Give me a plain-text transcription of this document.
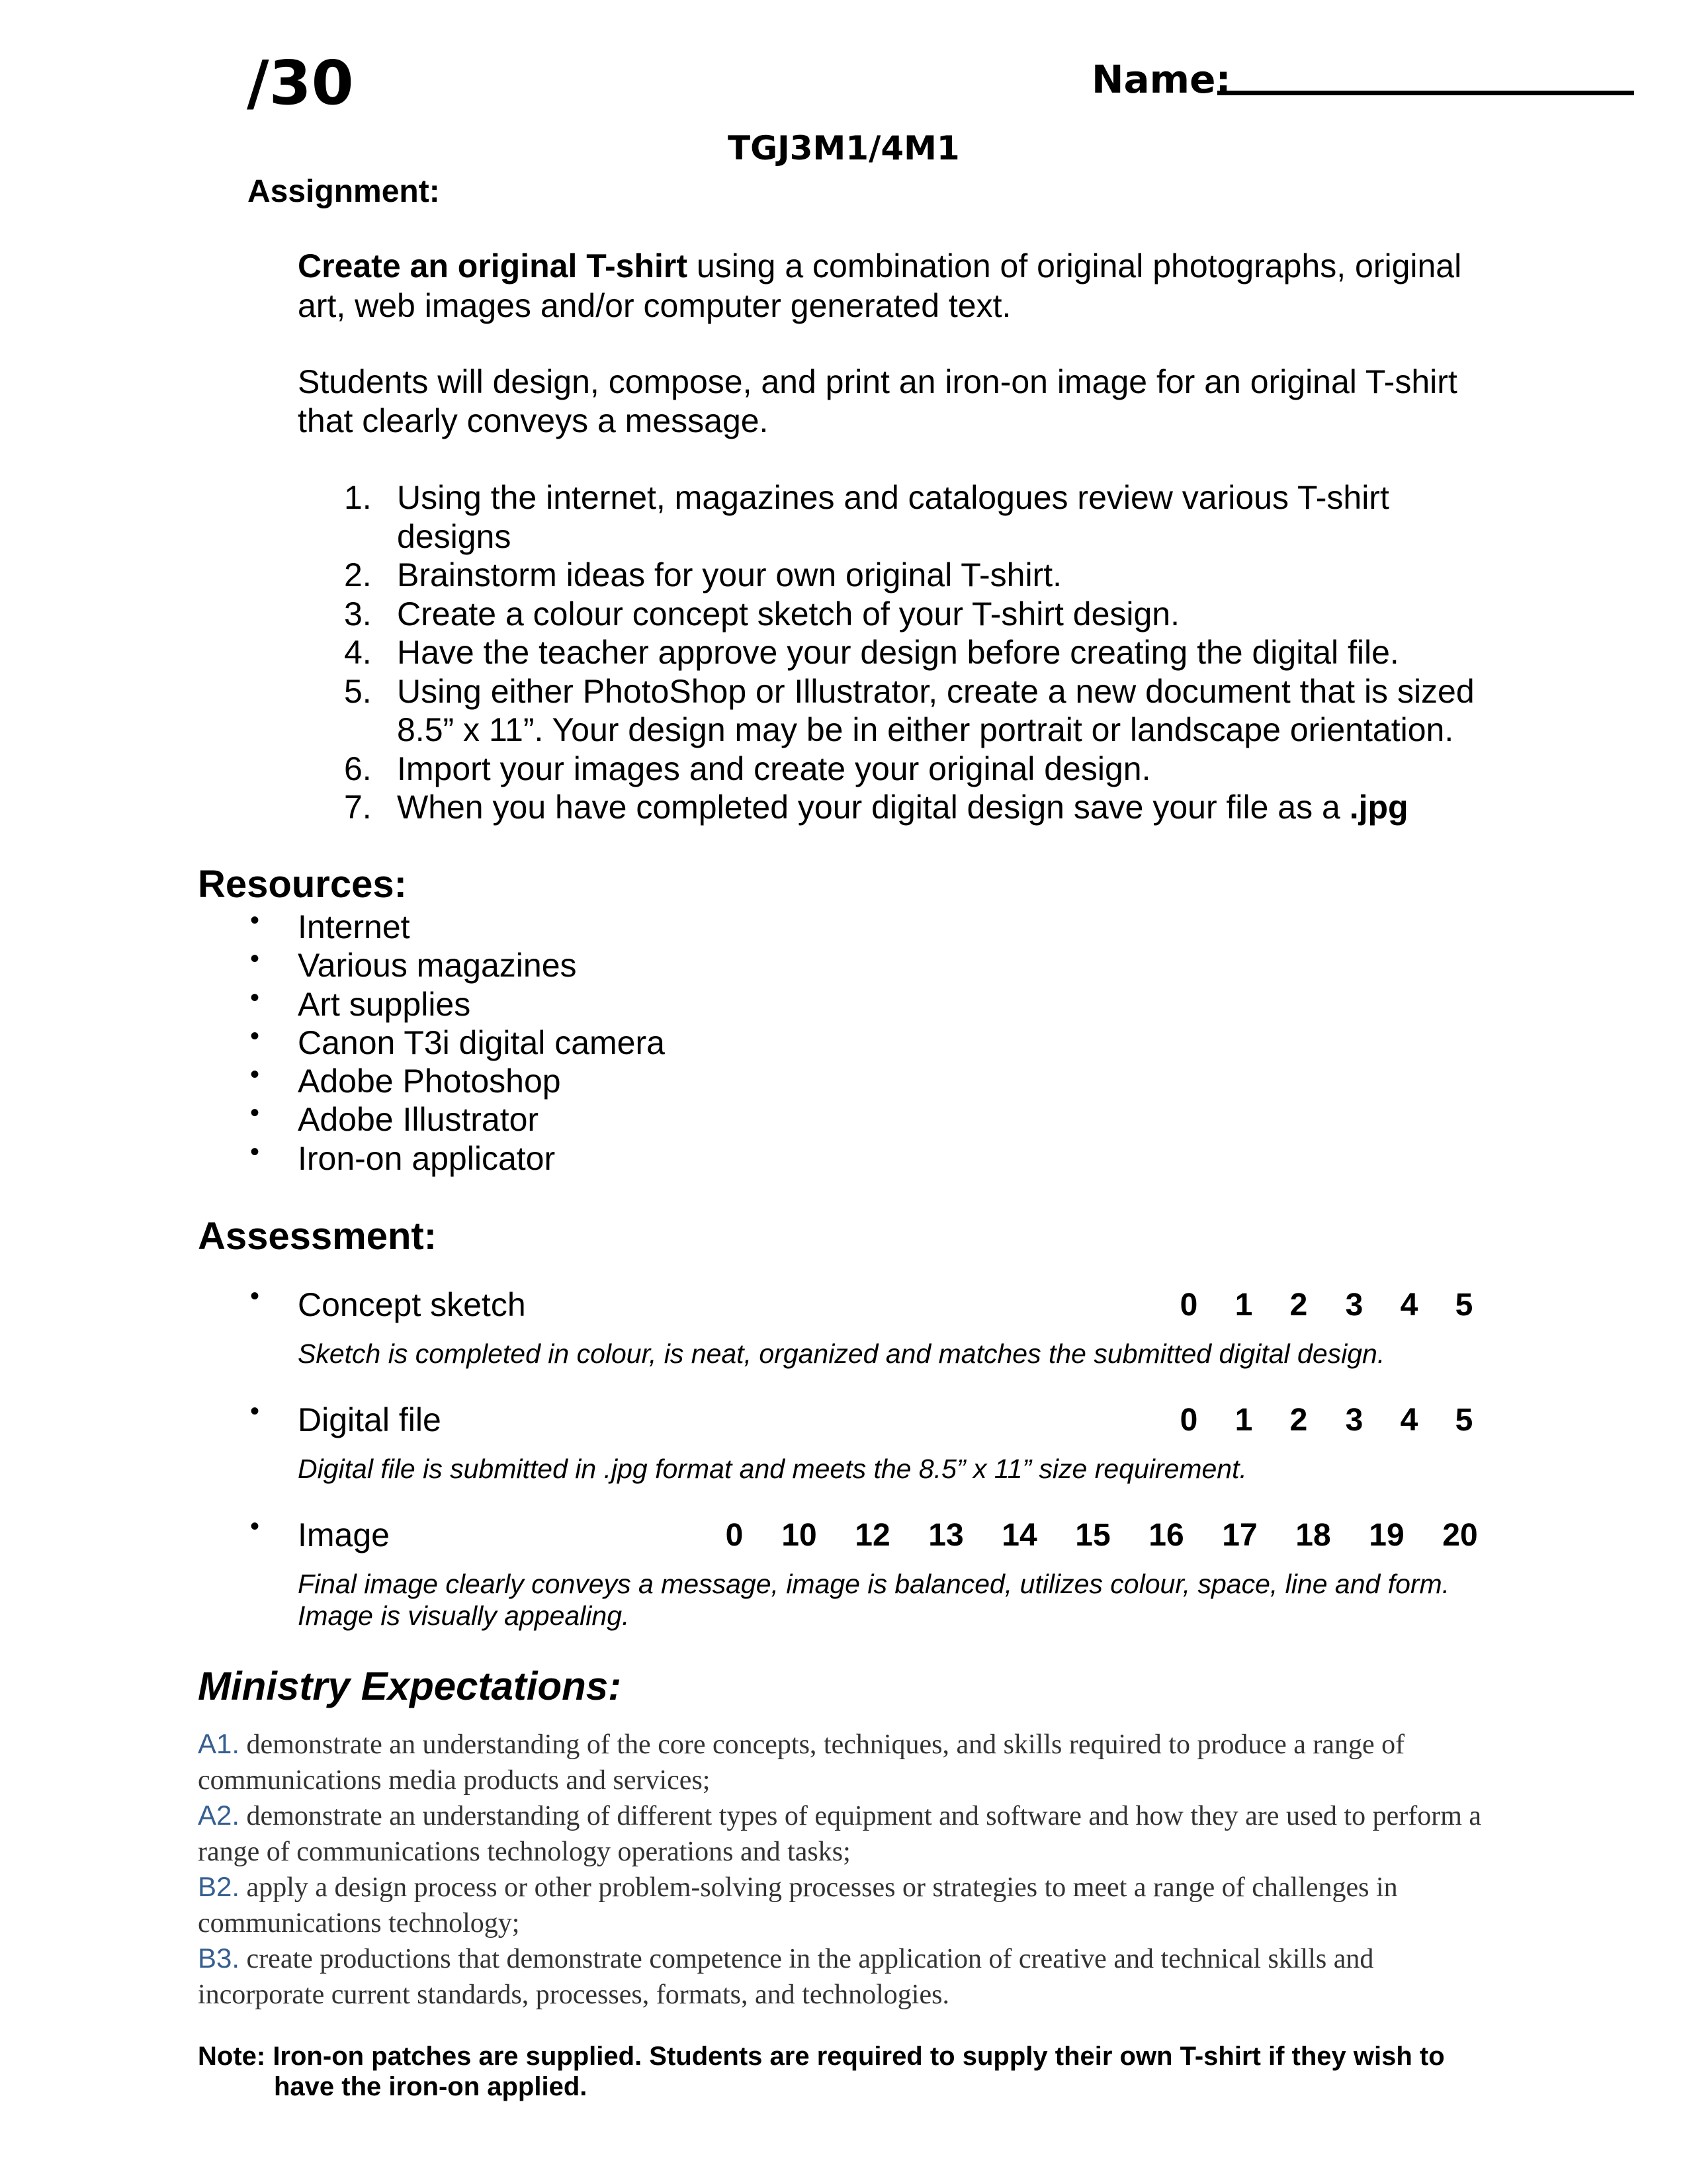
/30	Name:
TGJ3M1/4M1
Assignment:
Create an original T-shirt using a combination of original photographs, original
art, web images and/or computer generated text.
Students will design, compose, and print an iron-on image for an original T-shirt
that clearly conveys a message.
1. Using the internet, magazines and catalogues review various T-shirt
designs
2. Brainstorm ideas for your own original T-shirt.
3. Create a colour concept sketch of your T-shirt design.
4. Have the teacher approve your design before creating the digital file.
5. Using either PhotoShop or Illustrator, create a new document that is sized
8.5” x 11”. Your design may be in either portrait or landscape orientation.
6. Import your images and create your original design.
7. When you have completed your digital design save your file as a .jpg
Resources:
• Internet
• Various magazines
• Art supplies
• Canon T3i digital camera
• Adobe Photoshop
• Adobe Illustrator
• Iron-on applicator
Assessment:
• Concept sketch	0 1 2 3 4 5
Sketch is completed in colour, is neat, organized and matches the submitted digital design.
• Digital file	0 1 2 3 4 5
Digital file is submitted in .jpg format and meets the 8.5” x 11” size requirement.
• Image	0 10 12 13 14 15 16 17 18 19 20
Final image clearly conveys a message, image is balanced, utilizes colour, space, line and form.
Image is visually appealing.
Ministry Expectations:
A1. demonstrate an understanding of the core concepts, techniques, and skills required to produce a range of communications media products and services;
A2. demonstrate an understanding of different types of equipment and software and how they are used to perform a range of communications technology operations and tasks;
B2. apply a design process or other problem-solving processes or strategies to meet a range of challenges in communications technology;
B3. create productions that demonstrate competence in the application of creative and technical skills and incorporate current standards, processes, formats, and technologies.
Note: Iron-on patches are supplied. Students are required to supply their own T-shirt if they wish to
have the iron-on applied.
